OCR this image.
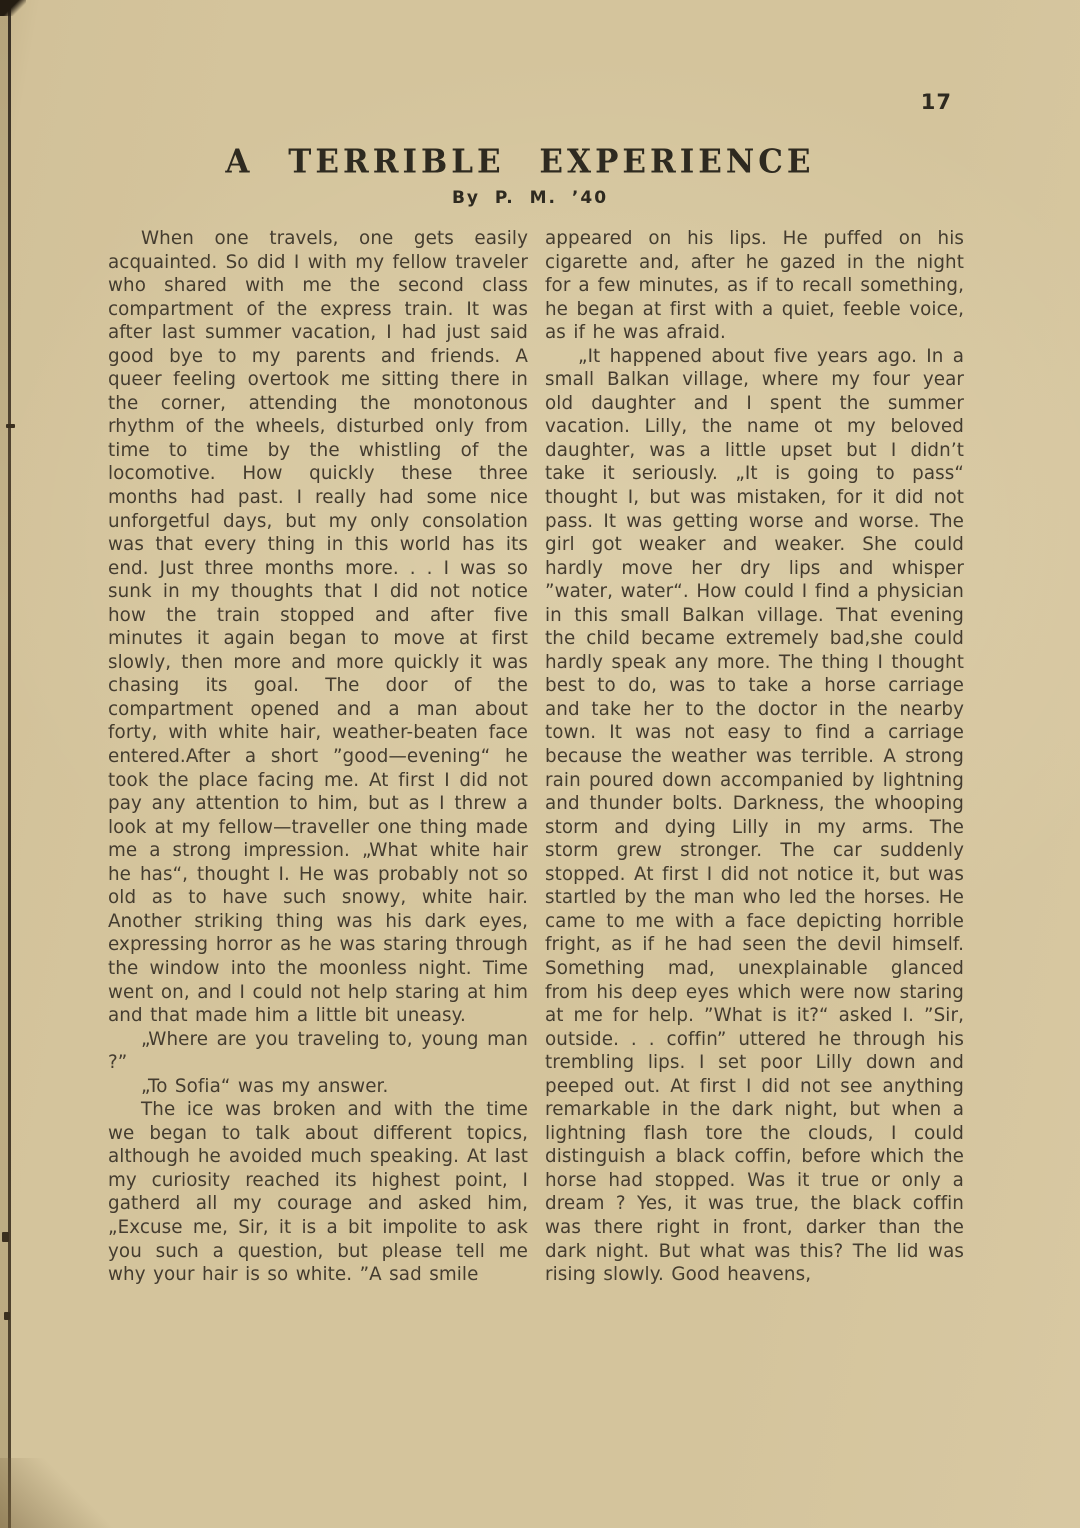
17
A TERRIBLE EXPERIENCE
By P. M. ’40

When one travels, one gets easily acquainted. So did I with my fellow traveler who shared with me the second class compartment of the express train. It was after last summer vacation, I had just said good bye to my parents and friends. A queer feeling overtook me sitting there in the corner, attending the monotonous rhythm of the wheels, disturbed only from time to time by the whistling of the locomotive. How quickly these three months had past. I really had some nice unforgetful days, but my only consolation was that every thing in this world has its end. Just three months more. . . I was so sunk in my thoughts that I did not notice how the train stopped and after five minutes it again began to move at first slowly, then more and more quickly it was chasing its goal. The door of the compartment opened and a man about forty, with white hair, weather-beaten face entered.After a short ”good—evening“ he took the place facing me. At first I did not pay any attention to him, but as I threw a look at my fellow—traveller one thing made me a strong impression. „What white hair he has“, thought I. He was probably not so old as to have such snowy, white hair. Another striking thing was his dark eyes, expressing horror as he was staring through the window into the moonless night. Time went on, and I could not help staring at him and that made him a little bit uneasy.

„Where are you traveling to, young man ?”

„To Sofia“ was my answer.

The ice was broken and with the time we began to talk about different topics, although he avoided much speaking. At last my curiosity reached its highest point, I gatherd all my courage and asked him, „Excuse me, Sir, it is a bit impolite to ask you such a question, but please tell me why your hair is so white. ”A sad smile

appeared on his lips. He puffed on his cigarette and, after he gazed in the night for a few minutes, as if to recall something, he began at first with a quiet, feeble voice, as if he was afraid.

„It happened about five years ago. In a small Balkan village, where my four year old daughter and I spent the summer vacation. Lilly, the name ot my beloved daughter, was a little upset but I didn’t take it seriously. „It is going to pass“ thought I, but was mistaken, for it did not pass. It was getting worse and worse. The girl got weaker and weaker. She could hardly move her dry lips and whisper ”water, water“. How could I find a physician in this small Balkan village. That evening the child became extremely bad,she could hardly speak any more. The thing I thought best to do, was to take a horse carriage and take her to the doctor in the nearby town. It was not easy to find a carriage because the weather was terrible. A strong rain poured down accompanied by lightning and thunder bolts. Darkness, the whooping storm and dying Lilly in my arms. The storm grew stronger. The car suddenly stopped. At first I did not notice it, but was startled by the man who led the horses. He came to me with a face depicting horrible fright, as if he had seen the devil himself. Something mad, unexplainable glanced from his deep eyes which were now staring at me for help. ”What is it?“ asked I. ”Sir, outside. . . coffin” uttered he through his trembling lips. I set poor Lilly down and peeped out. At first I did not see anything remarkable in the dark night, but when a lightning flash tore the clouds, I could distinguish a black coffin, before which the horse had stopped. Was it true or only a dream ? Yes, it was true, the black coffin was there right in front, darker than the dark night. But what was this? The lid was rising slowly. Good heavens,
